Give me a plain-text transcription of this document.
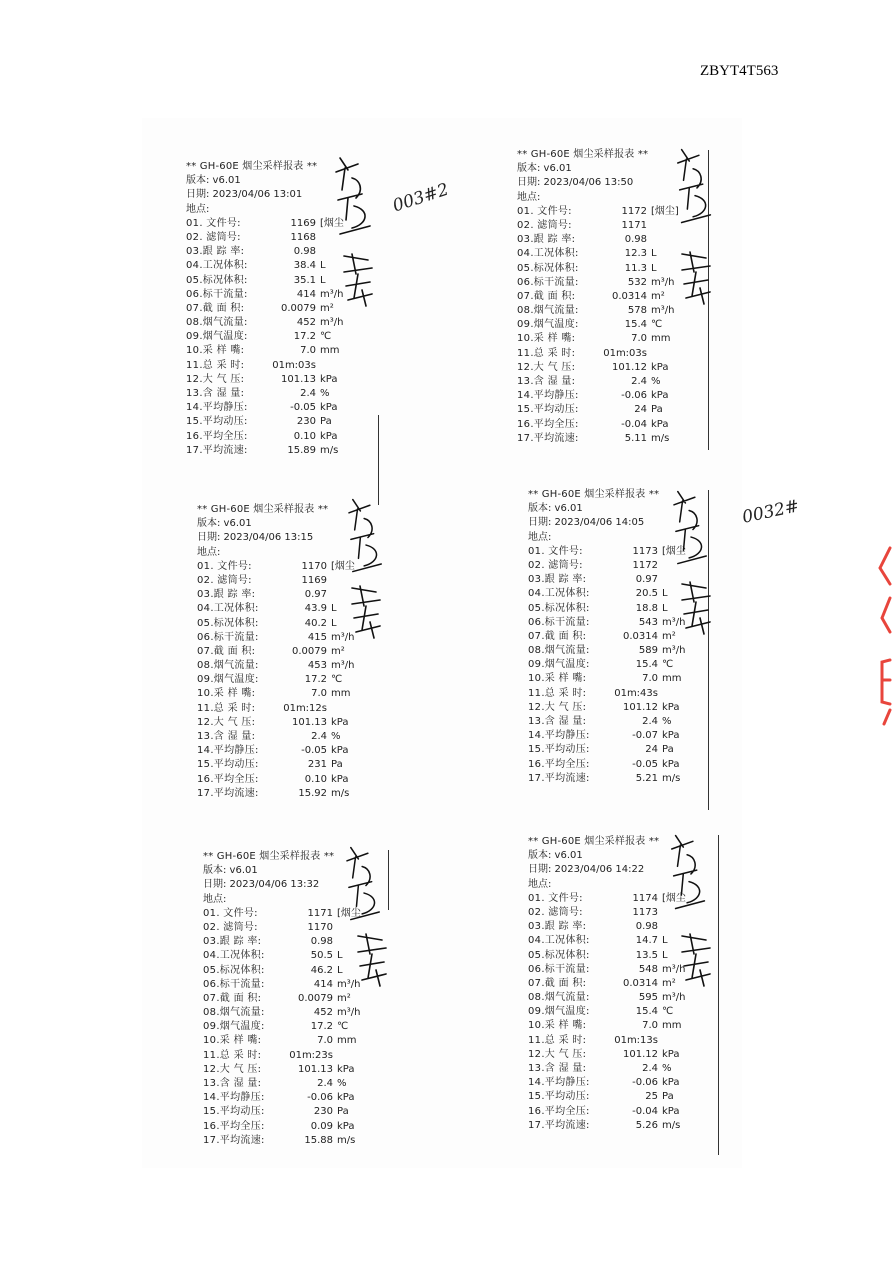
ZBYT4T563
** GH-60E 烟尘采样报表 **
版本: v6.01
日期: 2023/04/06 13:01
地点:
01. 文件号:	1169 [烟尘
02. 滤筒号:	1168
03.跟 踪 率:	0.98
04.工况体积:	38.4 L
05.标况体积:	35.1 L
06.标干流量:	414 m³/h
07.截 面 积:	0.0079 m²
08.烟气流量:	452 m³/h
09.烟气温度:	17.2 ℃
10.采 样 嘴:	7.0 mm
11.总 采 时:	01m:03s
12.大 气 压:	101.13 kPa
13.含 湿 量:	2.4 %
14.平均静压:	-0.05 kPa
15.平均动压:	230 Pa
16.平均全压:	0.10 kPa
17.平均流速:	15.89 m/s
** GH-60E 烟尘采样报表 **
版本: v6.01
日期: 2023/04/06 13:50
地点:
01. 文件号:	1172 [烟尘]
02. 滤筒号:	1171
03.跟 踪 率:	0.98
04.工况体积:	12.3 L
05.标况体积:	11.3 L
06.标干流量:	532 m³/h
07.截 面 积:	0.0314 m²
08.烟气流量:	578 m³/h
09.烟气温度:	15.4 ℃
10.采 样 嘴:	7.0 mm
11.总 采 时:	01m:03s
12.大 气 压:	101.12 kPa
13.含 湿 量:	2.4 %
14.平均静压:	-0.06 kPa
15.平均动压:	24 Pa
16.平均全压:	-0.04 kPa
17.平均流速:	5.11 m/s
** GH-60E 烟尘采样报表 **
版本: v6.01
日期: 2023/04/06 13:15
地点:
01. 文件号:	1170 [烟尘
02. 滤筒号:	1169
03.跟 踪 率:	0.97
04.工况体积:	43.9 L
05.标况体积:	40.2 L
06.标干流量:	415 m³/h
07.截 面 积:	0.0079 m²
08.烟气流量:	453 m³/h
09.烟气温度:	17.2 ℃
10.采 样 嘴:	7.0 mm
11.总 采 时:	01m:12s
12.大 气 压:	101.13 kPa
13.含 湿 量:	2.4 %
14.平均静压:	-0.05 kPa
15.平均动压:	231 Pa
16.平均全压:	0.10 kPa
17.平均流速:	15.92 m/s
** GH-60E 烟尘采样报表 **
版本: v6.01
日期: 2023/04/06 14:05
地点:
01. 文件号:	1173 [烟尘
02. 滤筒号:	1172
03.跟 踪 率:	0.97
04.工况体积:	20.5 L
05.标况体积:	18.8 L
06.标干流量:	543 m³/h
07.截 面 积:	0.0314 m²
08.烟气流量:	589 m³/h
09.烟气温度:	15.4 ℃
10.采 样 嘴:	7.0 mm
11.总 采 时:	01m:43s
12.大 气 压:	101.12 kPa
13.含 湿 量:	2.4 %
14.平均静压:	-0.07 kPa
15.平均动压:	24 Pa
16.平均全压:	-0.05 kPa
17.平均流速:	5.21 m/s
** GH-60E 烟尘采样报表 **
版本: v6.01
日期: 2023/04/06 13:32
地点:
01. 文件号:	1171 [烟尘
02. 滤筒号:	1170
03.跟 踪 率:	0.98
04.工况体积:	50.5 L
05.标况体积:	46.2 L
06.标干流量:	414 m³/h
07.截 面 积:	0.0079 m²
08.烟气流量:	452 m³/h
09.烟气温度:	17.2 ℃
10.采 样 嘴:	7.0 mm
11.总 采 时:	01m:23s
12.大 气 压:	101.13 kPa
13.含 湿 量:	2.4 %
14.平均静压:	-0.06 kPa
15.平均动压:	230 Pa
16.平均全压:	0.09 kPa
17.平均流速:	15.88 m/s
** GH-60E 烟尘采样报表 **
版本: v6.01
日期: 2023/04/06 14:22
地点:
01. 文件号:	1174 [烟尘
02. 滤筒号:	1173
03.跟 踪 率:	0.98
04.工况体积:	14.7 L
05.标况体积:	13.5 L
06.标干流量:	548 m³/h
07.截 面 积:	0.0314 m²
08.烟气流量:	595 m³/h
09.烟气温度:	15.4 ℃
10.采 样 嘴:	7.0 mm
11.总 采 时:	01m:13s
12.大 气 压:	101.12 kPa
13.含 湿 量:	2.4 %
14.平均静压:	-0.06 kPa
15.平均动压:	25 Pa
16.平均全压:	-0.04 kPa
17.平均流速:	5.26 m/s
003#2
0032#
